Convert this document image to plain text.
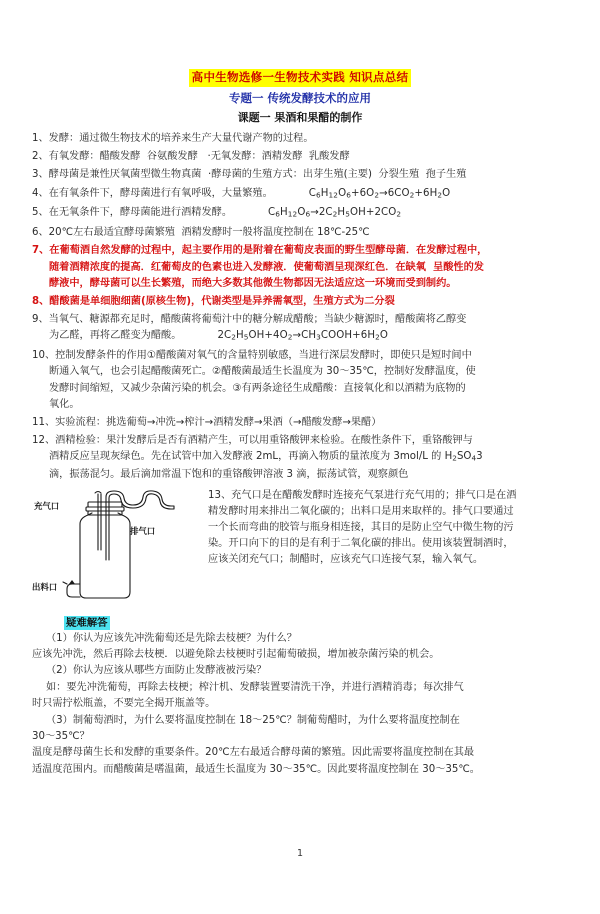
高中生物选修一生物技术实践 知识点总结
专题一 传统发酵技术的应用
课题一 果酒和果醋的制作
1、发酵：通过微生物技术的培养来生产大量代谢产物的过程。
2、有氧发酵：醋酸发酵  谷氨酸发酵   ·无氧发酵：酒精发酵  乳酸发酵
3、酵母菌是兼性厌氧菌型微生物真菌  ·酵母菌的生殖方式：出芽生殖(主要)  分裂生殖  孢子生殖
4、在有氧条件下，酵母菌进行有氧呼吸，大量繁殖。	$C_6H_{12}O_6+6O_2\to 6CO_2+6H_2O$
5、在无氧条件下，酵母菌能进行酒精发酵。	$C_6H_{12}O_6\to 2C_2H_5OH+2CO_2$
6、20℃左右最适宜酵母菌繁殖  酒精发酵时一般将温度控制在 18℃-25℃
7、在葡萄酒自然发酵的过程中，起主要作用的是附着在葡萄皮表面的野生型酵母菌．在发酵过程中，
随着酒精浓度的提高．红葡萄皮的色素也进入发酵液．使葡萄酒呈现深红色．在缺氧  呈酸性的发
酵液中，酵母菌可以生长繁殖，而绝大多数其他微生物都因无法适应这一环境而受到制约。
8、醋酸菌是单细胞细菌(原核生物)，代谢类型是异养需氧型，生殖方式为二分裂
9、当氧气、糖源都充足时，醋酸菌将葡萄汁中的糖分解成醋酸；当缺少糖源时，醋酸菌将乙醇变
为乙醛，再将乙醛变为醋酸。	$2C_2H_5OH+4O_2\to CH_3COOH+6H_2O$
10、控制发酵条件的作用①醋酸菌对氧气的含量特别敏感，当进行深层发酵时，即使只是短时间中
断通入氧气，也会引起醋酸菌死亡。②醋酸菌最适生长温度为 30～35℃，控制好发酵温度，使
发酵时间缩短，又减少杂菌污染的机会。③有两条途径生成醋酸：直接氧化和以酒精为底物的
氧化。
11、实验流程：挑选葡萄→冲洗→榨汁→酒精发酵→果酒（→醋酸发酵→果醋）
12、酒精检验：果汁发酵后是否有酒精产生，可以用重铬酸钾来检验。在酸性条件下，重铬酸钾与
酒精反应呈现灰绿色。先在试管中加入发酵液 2mL，再滴入物质的量浓度为 3mol/L 的 $H_2SO_43$
滴，振荡混匀。最后滴加常温下饱和的重铬酸钾溶液 3 滴，振荡试管，观察颜色
充气口
排气口
出料口
13、充气口是在醋酸发酵时连接充气泵进行充气用的；排气口是在酒
精发酵时用来排出二氧化碳的；出料口是用来取样的。排气口要通过
一个长而弯曲的胶管与瓶身相连接，其目的是防止空气中微生物的污
染。开口向下的目的是有利于二氧化碳的排出。使用该装置制酒时，
应该关闭充气口；制醋时，应该充气口连接气泵，输入氧气。
疑难解答
（1）你认为应该先冲洗葡萄还是先除去枝梗？为什么？
应该先冲洗，然后再除去枝梗．以避免除去枝梗时引起葡萄破损，增加被杂菌污染的机会。
（2）你认为应该从哪些方面防止发酵液被污染？
如：要先冲洗葡萄，再除去枝梗；榨汁机、发酵装置要清洗干净，并进行酒精消毒；每次排气
时只需拧松瓶盖，不要完全揭开瓶盖等。
（3）制葡萄酒时，为什么要将温度控制在 18～25℃？制葡萄醋时，为什么要将温度控制在
30～35℃？
温度是酵母菌生长和发酵的重要条件。20℃左右最适合酵母菌的繁殖。因此需要将温度控制在其最
适温度范围内。而醋酸菌是嗜温菌，最适生长温度为 30～35℃。因此要将温度控制在 30～35℃。
1
